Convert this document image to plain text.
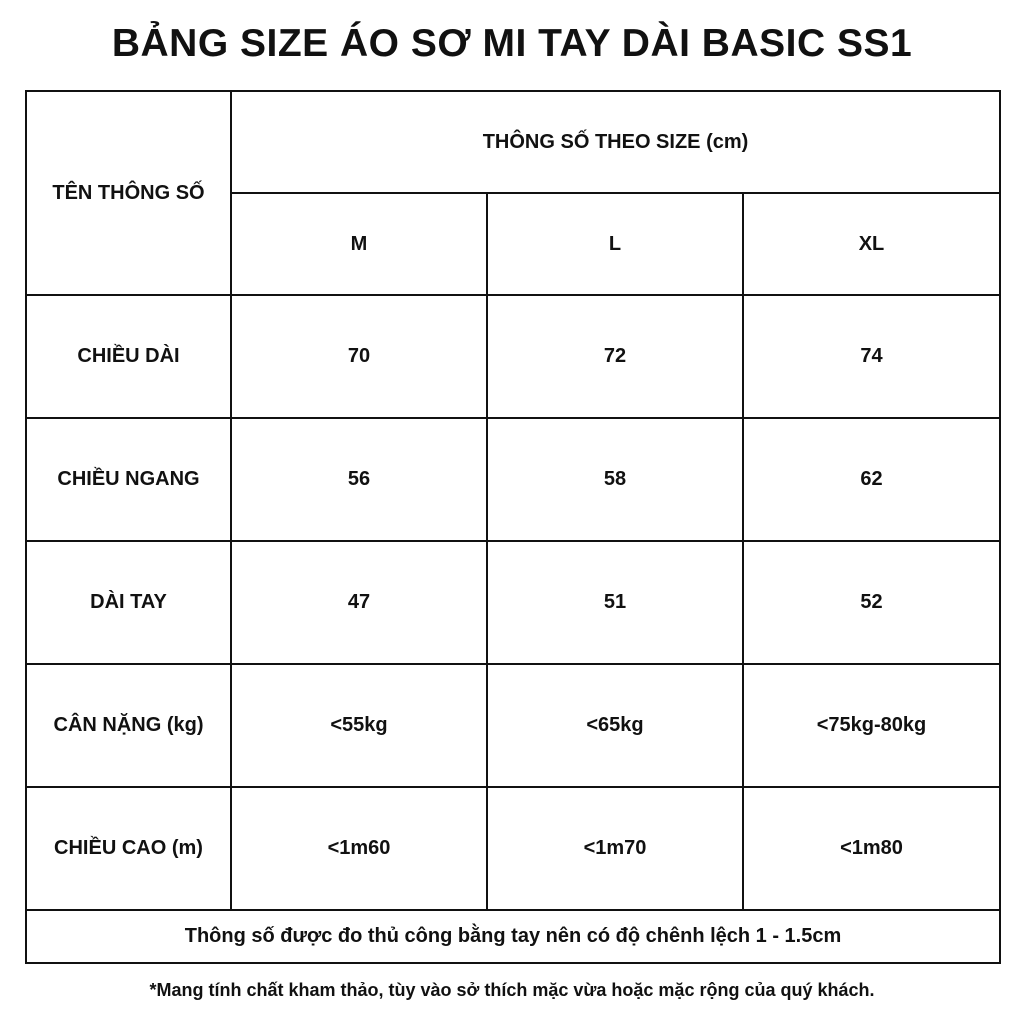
BẢNG SIZE ÁO SƠ MI TAY DÀI BASIC SS1
TÊN THÔNG SỐ	THÔNG SỐ THEO SIZE (cm)		
	M	L	XL
CHIỀU DÀI	70	72	74
CHIỀU NGANG	56	58	62
DÀI TAY	47	51	52
CÂN NẶNG (kg)	<55kg	<65kg	<75kg-80kg
CHIỀU CAO (m)	<1m60	<1m70	<1m80
Thông số được đo thủ công bằng tay nên có độ chênh lệch 1 - 1.5cm			
*Mang tính chất kham thảo, tùy vào sở thích mặc vừa hoặc mặc rộng của quý khách.
